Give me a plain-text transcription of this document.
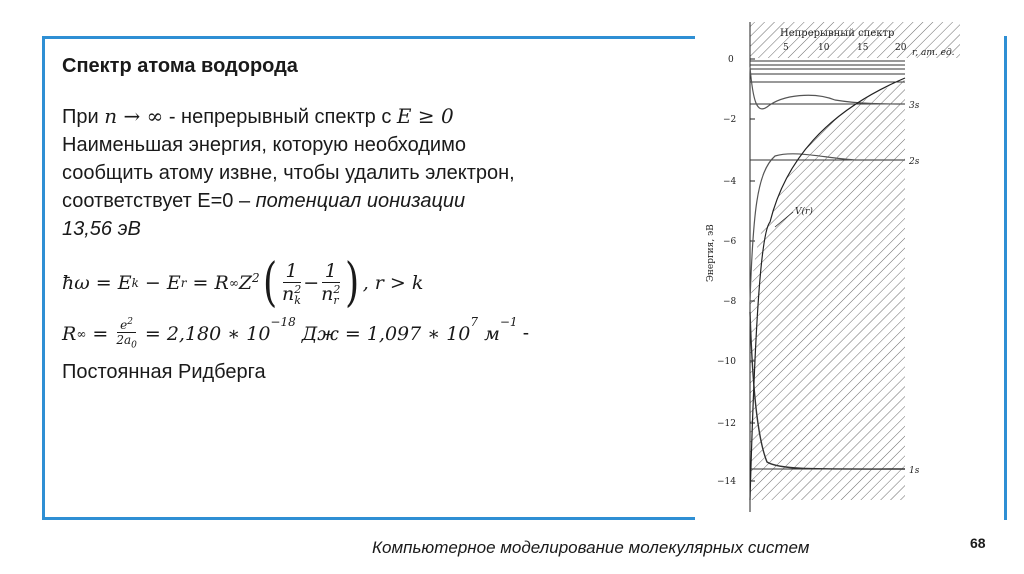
Спектр атома водорода

При n → ∞ - непрерывный спектр с E ≥ 0

Наименьшая энергия, которую необходимо

сообщить атому извне, чтобы удалить электрон,

соответствует E=0 – потенциал ионизации

13,56 эВ

ħω = E k − E r = R ∞ $Z^2$ ( 1
n 2
k − 1
n 2
r ) , r > k
R ∞ = $\frac{e^2}{2a_0} = 2,180$ ∗ 10
$^{-18}$
Дж = 1,097 ∗ 10
$^7$
м
$^{-1}$
-

Постоянная Ридберга

Непрерывный спектр
5	10	15	20 r, ат. ед.
0
−2
−4
−6
−8
−10
−12
−14
Энергия, эВ
3s
2s
1s
V(r)
Компьютерное моделирование молекулярных систем	68
